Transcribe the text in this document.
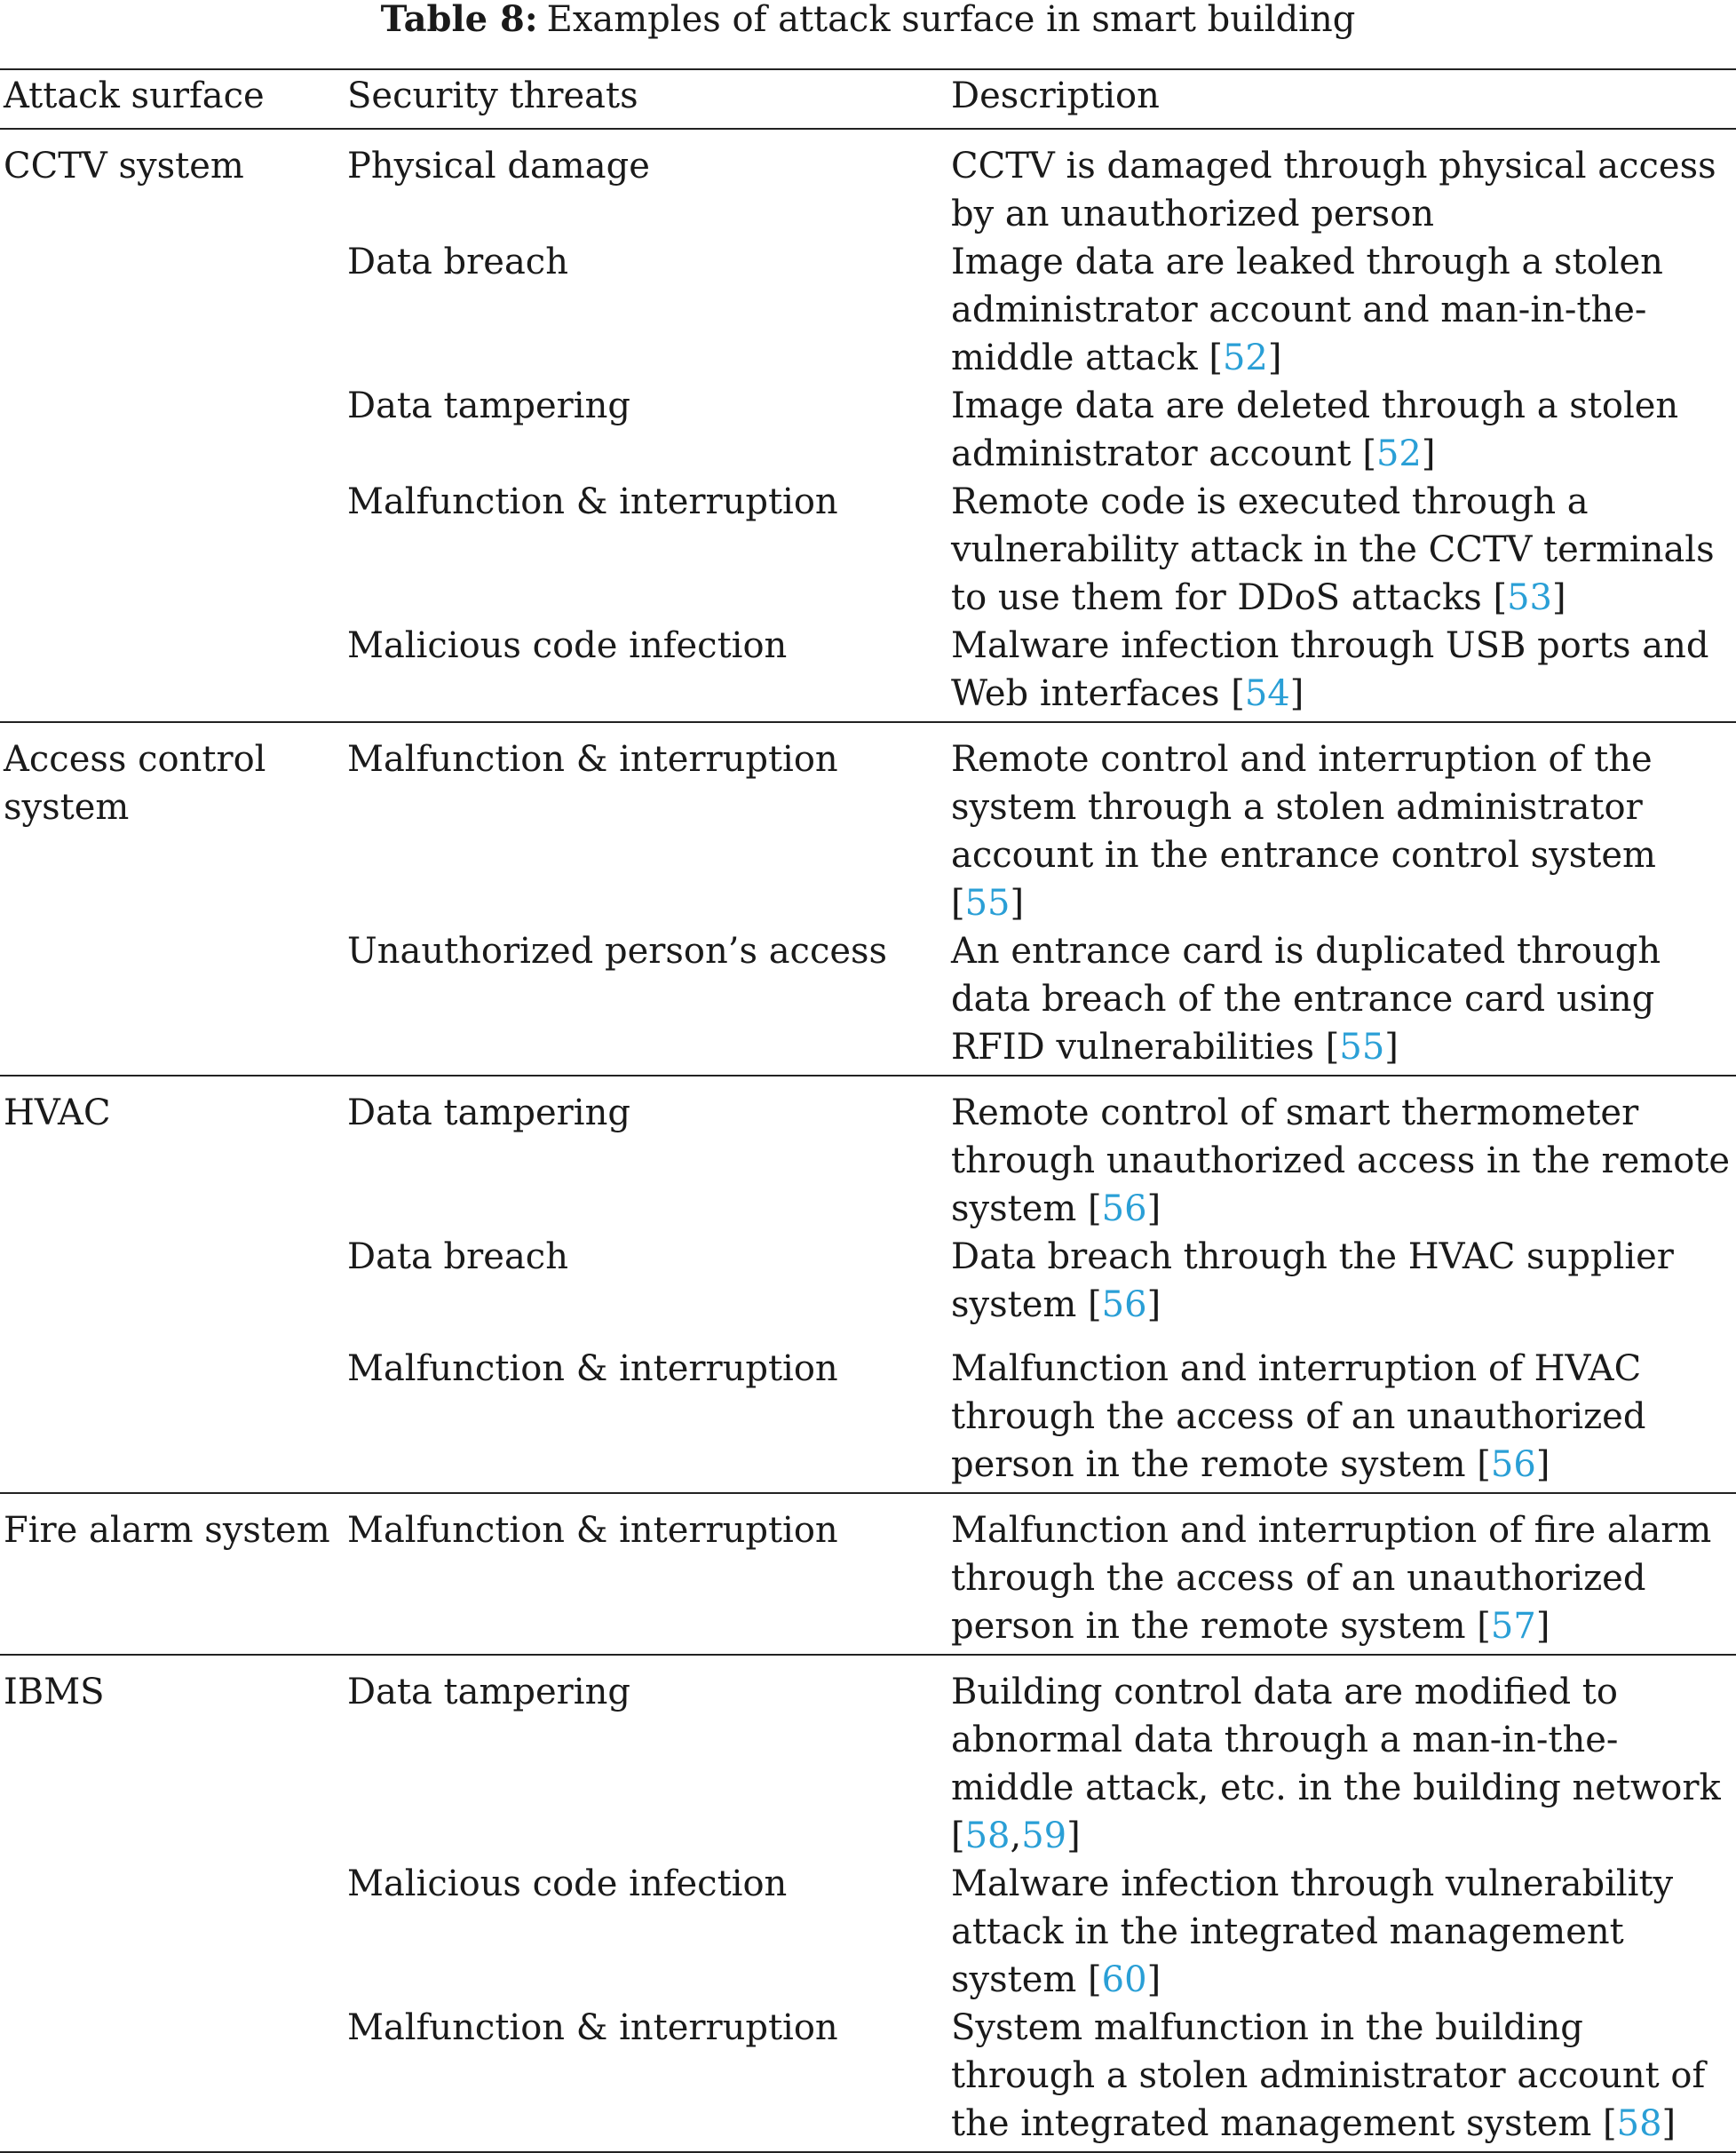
Table 8: Examples of attack surface in smart building
Attack surface	Security threats	Description
CCTV system	Physical damage	CCTV is damaged through physical access by an unauthorized person
	Data breach	Image data are leaked through a stolen administrator account and man-in-the-middle attack [52]
	Data tampering	Image data are deleted through a stolen administrator account [52]
	Malfunction & interruption	Remote code is executed through a vulnerability attack in the CCTV terminals to use them for DDoS attacks [53]
	Malicious code infection	Malware infection through USB ports and Web interfaces [54]
Access control system	Malfunction & interruption	Remote control and interruption of the system through a stolen administrator account in the entrance control system [55]
	Unauthorized person’s access	An entrance card is duplicated through data breach of the entrance card using RFID vulnerabilities [55]
HVAC	Data tampering	Remote control of smart thermometer through unauthorized access in the remote system [56]
	Data breach	Data breach through the HVAC supplier system [56]
	Malfunction & interruption	Malfunction and interruption of HVAC through the access of an unauthorized person in the remote system [56]
Fire alarm system	Malfunction & interruption	Malfunction and interruption of fire alarm through the access of an unauthorized person in the remote system [57]
IBMS	Data tampering	Building control data are modified to abnormal data through a man-in-the-middle attack, etc. in the building network [58,59]
	Malicious code infection	Malware infection through vulnerability attack in the integrated management system [60]
	Malfunction & interruption	System malfunction in the building through a stolen administrator account of the integrated management system [58]
